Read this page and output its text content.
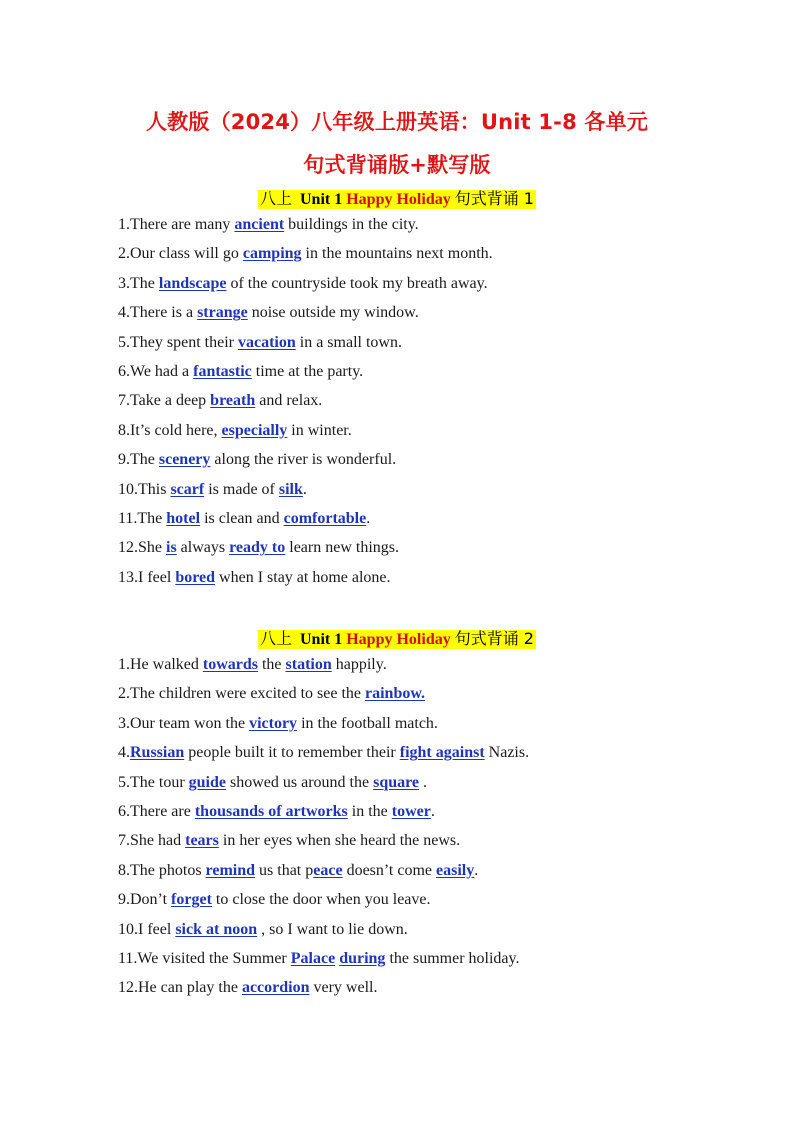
人教版（2024）八年级上册英语：Unit 1-8 各单元
句式背诵版+默写版
八上 Unit 1 Happy Holiday 句式背诵 1
1.There are many ancient buildings in the city.
2.Our class will go camping in the mountains next month.
3.The landscape of the countryside took my breath away.
4.There is a strange noise outside my window.
5.They spent their vacation in a small town.
6.We had a fantastic time at the party.
7.Take a deep breath and relax.
8.It’s cold here, especially in winter.
9.The scenery along the river is wonderful.
10.This scarf is made of silk.
11.The hotel is clean and comfortable.
12.She is always ready to learn new things.
13.I feel bored when I stay at home alone.
八上 Unit 1 Happy Holiday 句式背诵 2
1.He walked towards the station happily.
2.The children were excited to see the rainbow.
3.Our team won the victory in the football match.
4.Russian people built it to remember their fight against Nazis.
5.The tour guide showed us around the square .
6.There are thousands of artworks in the tower.
7.She had tears in her eyes when she heard the news.
8.The photos remind us that peace doesn’t come easily.
9.Don’t forget to close the door when you leave.
10.I feel sick at noon , so I want to lie down.
11.We visited the Summer Palace during the summer holiday.
12.He can play the accordion very well.
